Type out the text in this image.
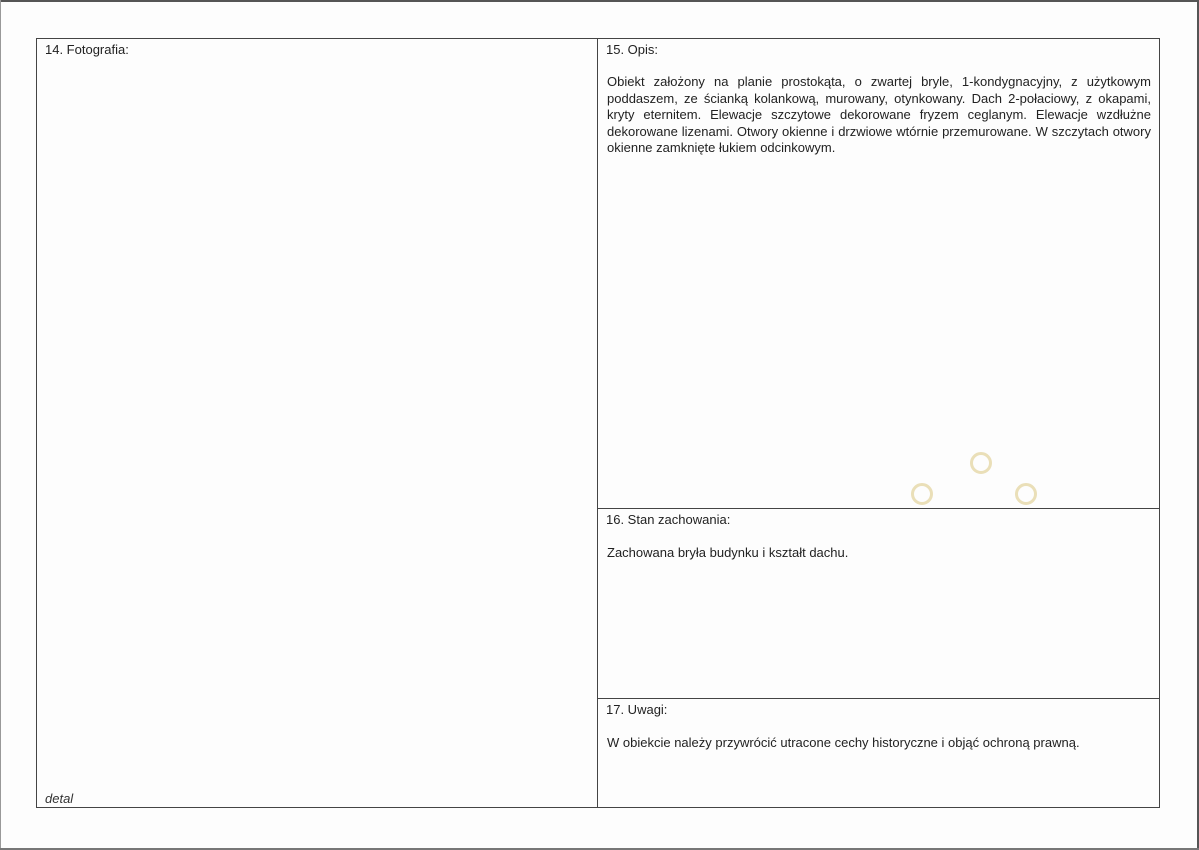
14. Fotografia:
detal
15. Opis:
Obiekt założony na planie prostokąta, o zwartej bryle, 1-kondygnacyjny, z użytkowym poddaszem, ze ścianką kolankową, murowany, otynkowany. Dach 2-połaciowy, z okapami, kryty eternitem. Elewacje szczytowe dekorowane fryzem ceglanym. Elewacje wzdłużne dekorowane lizenami. Otwory okienne i drzwiowe wtórnie przemurowane. W szczytach otwory okienne zamknięte łukiem odcinkowym.
16. Stan zachowania:
Zachowana bryła budynku i kształt dachu.
17. Uwagi:
W obiekcie należy przywrócić utracone cechy historyczne i objąć ochroną prawną.
